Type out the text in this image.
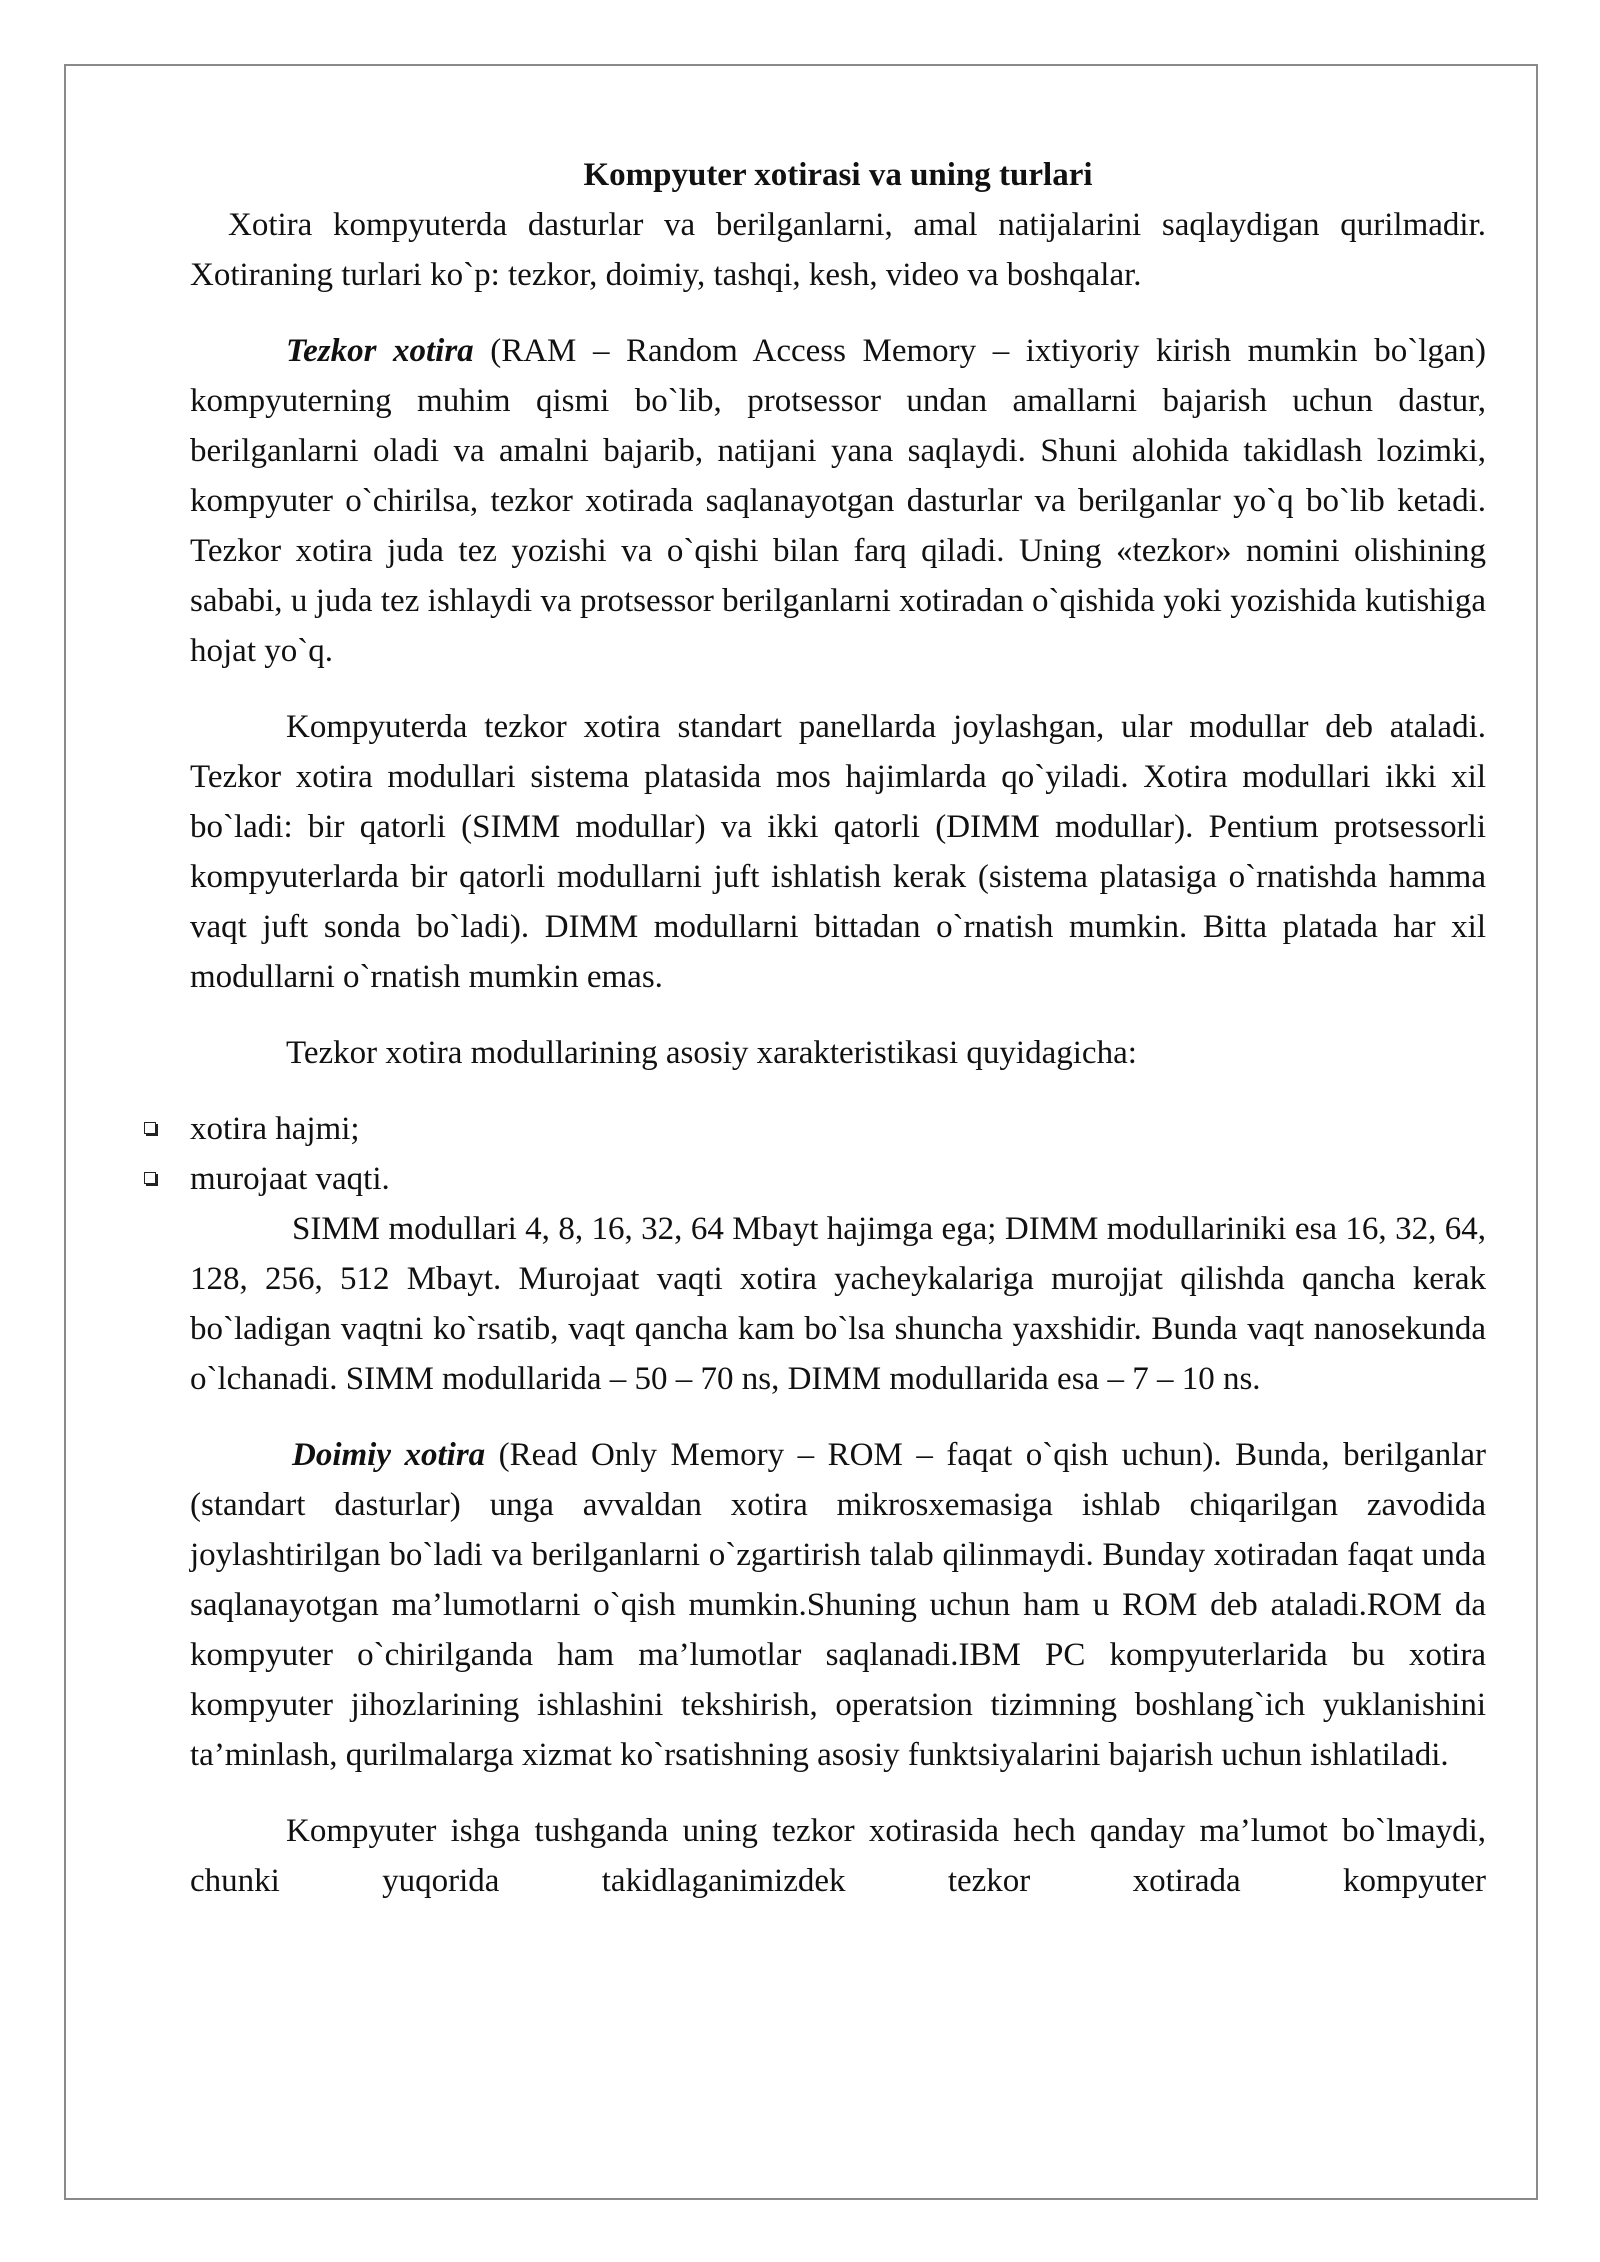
Kompyuter xotirasi va uning turlari

Xotira kompyuterda dasturlar va berilganlarni, amal natijalarini saqlaydigan qurilmadir. Xotiraning turlari ko`p: tezkor, doimiy, tashqi, kesh, video va boshqalar.

Tezkor xotira (RAM – Random Access Memory – ixtiyoriy kirish mumkin bo`lgan) kompyuterning muhim qismi bo`lib, protsessor undan amallarni bajarish uchun dastur, berilganlarni oladi va amalni bajarib, natijani yana saqlaydi. Shuni alohida takidlash lozimki, kompyuter o`chirilsa, tezkor xotirada saqlanayotgan dasturlar va berilganlar yo`q bo`lib ketadi. Tezkor xotira juda tez yozishi va o`qishi bilan farq qiladi. Uning «tezkor» nomini olishining sababi, u juda tez ishlaydi va protsessor berilganlarni xotiradan o`qishida yoki yozishida kutishiga hojat yo`q.

Kompyuterda tezkor xotira standart panellarda joylashgan, ular modullar deb ataladi. Tezkor xotira modullari sistema platasida mos hajimlarda qo`yiladi. Xotira modullari ikki xil bo`ladi: bir qatorli (SIMM modullar) va ikki qatorli (DIMM modullar). Pentium protsessorli kompyuterlarda bir qatorli modullarni juft ishlatish kerak (sistema platasiga o`rnatishda hamma vaqt juft sonda bo`ladi). DIMM modullarni bittadan o`rnatish mumkin. Bitta platada har xil modullarni o`rnatish mumkin emas.

Tezkor xotira modullarining asosiy xarakteristikasi quyidagicha:

xotira hajmi;
murojaat vaqti.

SIMM modullari 4, 8, 16, 32, 64 Mbayt hajimga ega; DIMM modullariniki esa 16, 32, 64, 128, 256, 512 Mbayt. Murojaat vaqti xotira yacheykalariga murojjat qilishda qancha kerak bo`ladigan vaqtni ko`rsatib, vaqt qancha kam bo`lsa shuncha yaxshidir. Bunda vaqt nanosekunda o`lchanadi. SIMM modullarida – 50 – 70 ns, DIMM modullarida esa – 7 – 10 ns.

Doimiy xotira (Read Only Memory – ROM – faqat o`qish uchun). Bunda, berilganlar (standart dasturlar) unga avvaldan xotira mikrosxemasiga ishlab chiqarilgan zavodida joylashtirilgan bo`ladi va berilganlarni o`zgartirish talab qilinmaydi. Bunday xotiradan faqat unda saqlanayotgan ma’lumotlarni o`qish mumkin.Shuning uchun ham u ROM deb ataladi.ROM da kompyuter o`chirilganda ham ma’lumotlar saqlanadi.IBM PC kompyuterlarida bu xotira kompyuter jihozlarining ishlashini tekshirish, operatsion tizimning boshlang`ich yuklanishini ta’minlash, qurilmalarga xizmat ko`rsatishning asosiy funktsiyalarini bajarish uchun ishlatiladi.

Kompyuter ishga tushganda uning tezkor xotirasida hech qanday ma’lumot bo`lmaydi, chunki yuqorida takidlaganimizdek tezkor xotirada kompyuter
